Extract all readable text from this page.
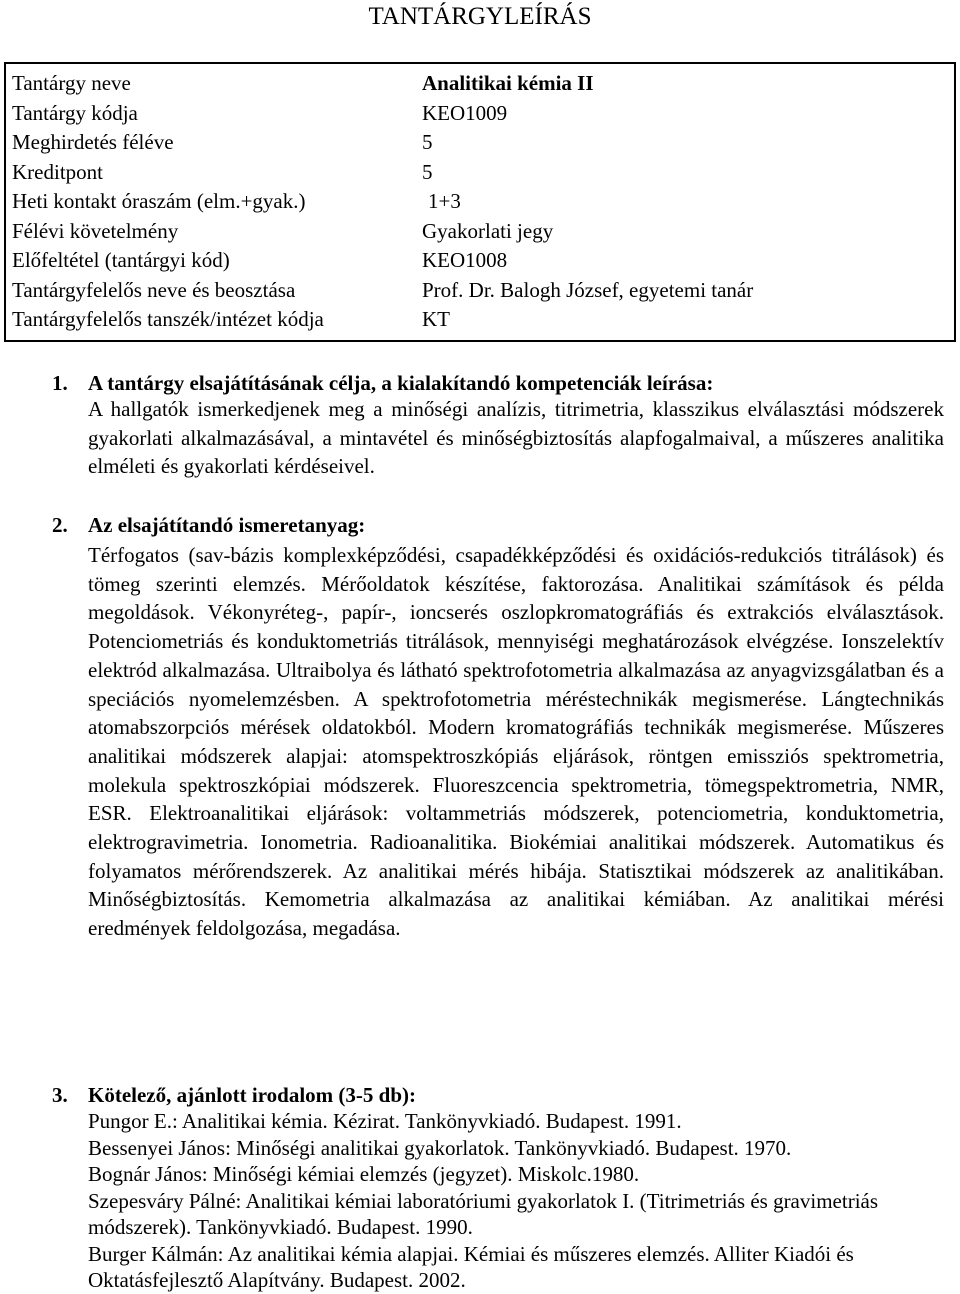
TANTÁRGYLEÍRÁS
Tantárgy neve	Analitikai kémia II
Tantárgy kódja	KEO1009
Meghirdetés féléve	5
Kreditpont	5
Heti kontakt óraszám (elm.+gyak.)	1+3
Félévi követelmény	Gyakorlati jegy
Előfeltétel (tantárgyi kód)	KEO1008
Tantárgyfelelős neve és beosztása	Prof. Dr. Balogh József, egyetemi tanár
Tantárgyfelelős tanszék/intézet kódja	KT
1. A tantárgy elsajátításának célja, a kialakítandó kompetenciák leírása:

A hallgatók ismerkedjenek meg a minőségi analízis, titrimetria, klasszikus elválasztási módszerek gyakorlati alkalmazásával, a mintavétel és minőségbiztosítás alapfogalmaival, a műszeres analitika elméleti és gyakorlati kérdéseivel.

2. Az elsajátítandó ismeretanyag:

Térfogatos (sav-bázis komplexképződési, csapadékképződési és oxidációs-redukciós titrálások) és tömeg szerinti elemzés. Mérőoldatok készítése, faktorozása. Analitikai számítások és példa megoldások. Vékonyréteg-, papír-, ioncserés oszlopkromatográfiás és extrakciós elválasztások. Potenciometriás és konduktometriás titrálások, mennyiségi meghatározások elvégzése. Ionszelektív elektród alkalmazása. Ultraibolya és látható spektrofotometria alkalmazása az anyagvizsgálatban és a speciációs nyomelemzésben. A spektrofotometria méréstechnikák megismerése. Lángtechnikás atomabszorpciós mérések oldatokból. Modern kromatográfiás technikák megismerése. Műszeres analitikai módszerek alapjai: atomspektroszkópiás eljárások, röntgen emissziós spektrometria, molekula spektroszkópiai módszerek. Fluoreszcencia spektrometria, tömegspektrometria, NMR, ESR. Elektroanalitikai eljárások: voltammetriás módszerek, potenciometria, konduktometria, elektrogravimetria. Ionometria. Radioanalitika. Biokémiai analitikai módszerek. Automatikus és folyamatos mérőrendszerek. Az analitikai mérés hibája. Statisztikai módszerek az analitikában. Minőségbiztosítás. Kemometria alkalmazása az analitikai kémiában. Az analitikai mérési eredmények feldolgozása, megadása.

3. Kötelező, ajánlott irodalom (3-5 db):
Pungor E.: Analitikai kémia. Kézirat. Tankönyvkiadó. Budapest. 1991.
Bessenyei János: Minőségi analitikai gyakorlatok. Tankönyvkiadó. Budapest. 1970.
Bognár János: Minőségi kémiai elemzés (jegyzet). Miskolc.1980.
Szepesváry Pálné: Analitikai kémiai laboratóriumi gyakorlatok I. (Titrimetriás és gravimetriás módszerek). Tankönyvkiadó. Budapest. 1990.
Burger Kálmán: Az analitikai kémia alapjai. Kémiai és műszeres elemzés. Alliter Kiadói és Oktatásfejlesztő Alapítvány. Budapest. 2002.
